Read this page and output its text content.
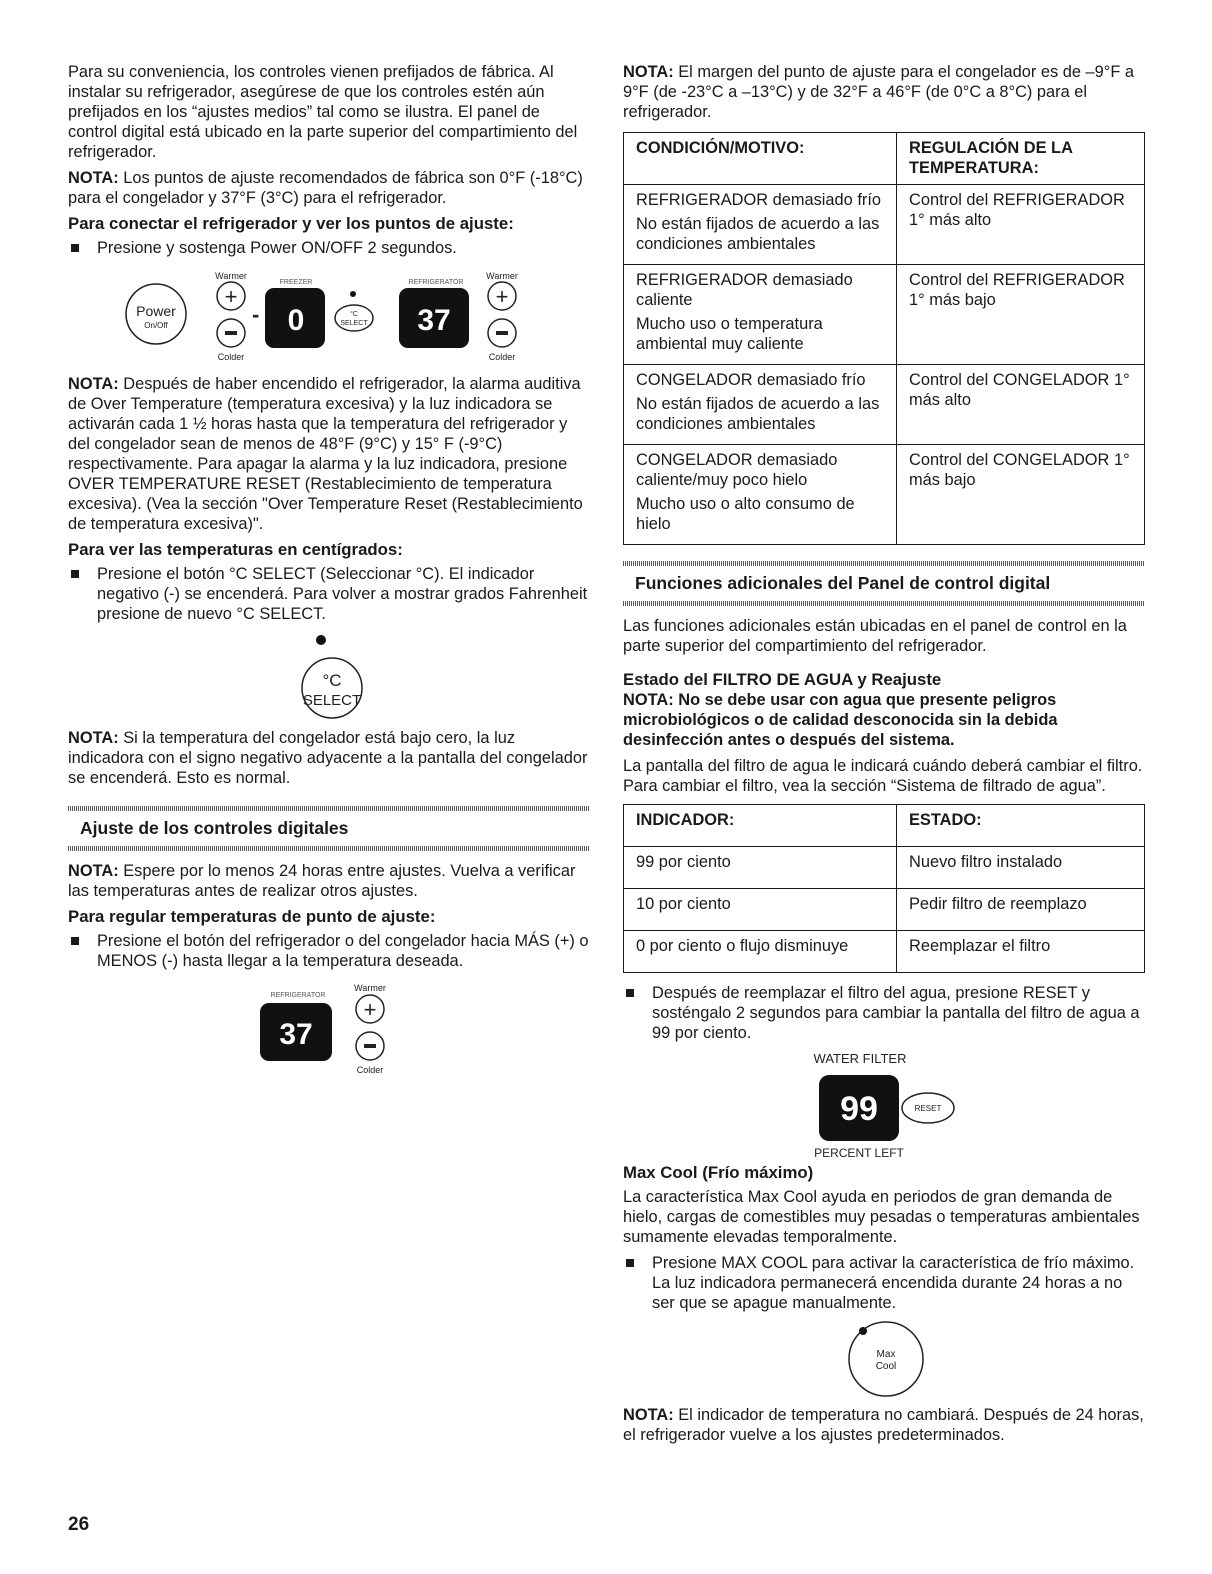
Para su conveniencia, los controles vienen prefijados de fábrica. Al instalar su refrigerador, asegúrese de que los controles estén aún prefijados en los “ajustes medios” tal como se ilustra. El panel de control digital está ubicado en la parte superior del compartimiento del refrigerador.

NOTA: Los puntos de ajuste recomendados de fábrica son 0°F (-18°C) para el congelador y 37°F (3°C) para el refrigerador.

Para conectar el refrigerador y ver los puntos de ajuste:
Presione y sostenga Power ON/OFF 2 segundos.
Power
On/Off
Warmer
+
Colder
-
FREEZER
0	°C
SELECT
REFRIGERATOR
37
Warmer
+
Colder

NOTA: Después de haber encendido el refrigerador, la alarma auditiva de Over Temperature (temperatura excesiva) y la luz indicadora se activarán cada 1 ½ horas hasta que la temperatura del refrigerador y del congelador sean de menos de 48°F (9°C) y 15° F (-9°C) respectivamente. Para apagar la alarma y la luz indicadora, presione OVER TEMPERATURE RESET (Restablecimiento de temperatura excesiva). (Vea la sección "Over Temperature Reset (Restablecimiento de temperatura excesiva)".

Para ver las temperaturas en centígrados:
Presione el botón °C SELECT (Seleccionar °C). El indicador negativo (-) se encenderá. Para volver a mostrar grados Fahrenheit presione de nuevo °C SELECT.
°C
SELECT

NOTA: Si la temperatura del congelador está bajo cero, la luz indicadora con el signo negativo adyacente a la pantalla del congelador se encenderá. Esto es normal.

Ajuste de los controles digitales

NOTA: Espere por lo menos 24 horas entre ajustes. Vuelva a verificar las temperaturas antes de realizar otros ajustes.

Para regular temperaturas de punto de ajuste:
Presione el botón del refrigerador o del congelador hacia MÁS (+) o MENOS (-) hasta llegar a la temperatura deseada.
REFRIGERATOR
37
Warmer
+
Colder

NOTA: El margen del punto de ajuste para el congelador es de –9°F a 9°F (de -23°C a –13°C) y de 32°F a 46°F (de 0°C a 8°C) para el refrigerador.

CONDICIÓN/MOTIVO:	REGULACIÓN DE LA TEMPERATURA:

REFRIGERADOR demasiado frío
No están fijados de acuerdo a las condiciones ambientales	Control del REFRIGERADOR 1° más alto

REFRIGERADOR demasiado caliente
Mucho uso o temperatura ambiental muy caliente	Control del REFRIGERADOR 1° más bajo

CONGELADOR demasiado frío
No están fijados de acuerdo a las condiciones ambientales	Control del CONGELADOR 1° más alto

CONGELADOR demasiado caliente/muy poco hielo
Mucho uso o alto consumo de hielo	Control del CONGELADOR 1° más bajo
Funciones adicionales del Panel de control digital

Las funciones adicionales están ubicadas en el panel de control en la parte superior del compartimiento del refrigerador.

Estado del FILTRO DE AGUA y Reajuste

NOTA: No se debe usar con agua que presente peligros microbiológicos o de calidad desconocida sin la debida desinfección antes o después del sistema.

La pantalla del filtro de agua le indicará cuándo deberá cambiar el filtro. Para cambiar el filtro, vea la sección “Sistema de filtrado de agua”.

INDICADOR:	ESTADO:
99 por ciento	Nuevo filtro instalado
10 por ciento	Pedir filtro de reemplazo
0 por ciento o flujo disminuye	Reemplazar el filtro
Después de reemplazar el filtro del agua, presione RESET y sosténgalo 2 segundos para cambiar la pantalla del filtro de agua a 99 por ciento.
WATER FILTER
99	RESET
PERCENT LEFT
Max Cool (Frío máximo)

La característica Max Cool ayuda en periodos de gran demanda de hielo, cargas de comestibles muy pesadas o temperaturas ambientales sumamente elevadas temporalmente.

Presione MAX COOL para activar la característica de frío máximo. La luz indicadora permanecerá encendida durante 24 horas a no ser que se apague manualmente.
Max
Cool

NOTA: El indicador de temperatura no cambiará. Después de 24 horas, el refrigerador vuelve a los ajustes predeterminados.

26
